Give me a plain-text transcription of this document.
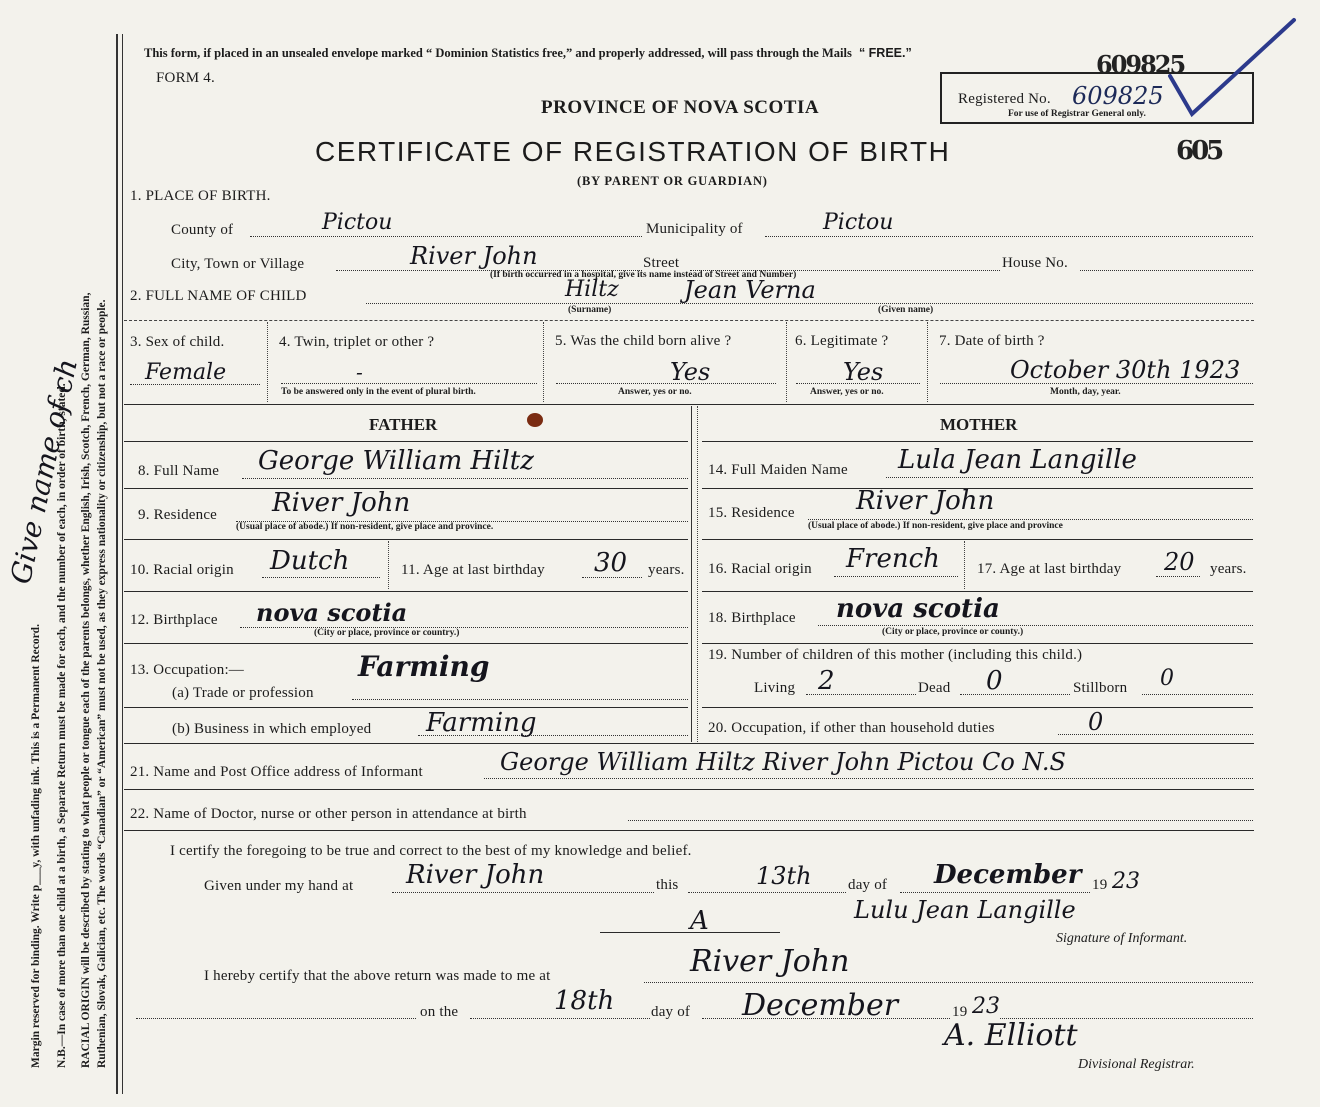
Margin reserved for binding. Write p___y, with unfading ink. This is a Permanent Record. N.B.—In case of more than one child at a birth, a Separate Return must be made for each, and the number of each, in order of birth, stated. RACIAL ORIGIN will be described by stating to what people or tongue each of the parents belongs, whether English, Irish, Scotch, French, German, Russian, Ruthenian, Slovak, Galician, etc. The words “Canadian” or “American” must not be used, as they express nationality or citizenship, but not a race or people.
Give name of ch
This form, if placed in an unsealed envelope marked “ Dominion Statistics free,” and properly addressed, will pass through the Mails “ FREE.”
FORM 4.
PROVINCE OF NOVA SCOTIA
CERTIFICATE OF REGISTRATION OF BIRTH
(BY PARENT OR GUARDIAN)
609825
Registered No. 609825
For use of Registrar General only.
605
1. PLACE OF BIRTH.
County of	Pictou	Municipality of	Pictou
City, Town or Village	River John	Street	House No.
(If birth occurred in a hospital, give its name instead of Street and Number)
2. FULL NAME OF CHILD	Hiltz	Jean Verna
(Surname)	(Given name)
3. Sex of child.
Female
4. Twin, triplet or other ?
-
To be answered only in the event of plural birth.
5. Was the child born alive ?
Yes
Answer, yes or no.
6. Legitimate ?
Yes
Answer, yes or no.
7. Date of birth ?
October 30th 1923
Month, day, year.
FATHER	MOTHER
8. Full Name George William Hiltz
9. Residence River John
(Usual place of abode.) If non-resident, give place and province.
10. Racial origin Dutch	11. Age at last birthday 30 years.
12. Birthplace nova scotia
(City or place, province or country.)
13. Occupation:—	Farming
(a) Trade or profession
(b) Business in which employed Farming
14. Full Maiden Name Lula Jean Langille
15. Residence River John
(Usual place of abode.) If non-resident, give place and province
16. Racial origin French 17. Age at last birthday 20 years.
18. Birthplace nova scotia
(City or place, province or county.)
19. Number of children of this mother (including this child.)
Living 2	Dead 0	Stillborn 0
20. Occupation, if other than household duties	0
21. Name and Post Office address of Informant	George William Hiltz River John Pictou Co N.S
22. Name of Doctor, nurse or other person in attendance at birth
I certify the foregoing to be true and correct to the best of my knowledge and belief.
Given under my hand at River John	this	13th day of December 19 23
Lulu Jean Langille
A
Signature of Informant.
I hereby certify that the above return was made to me at	River John
on the	18th day of December	19 23
A. Elliott
Divisional Registrar.
